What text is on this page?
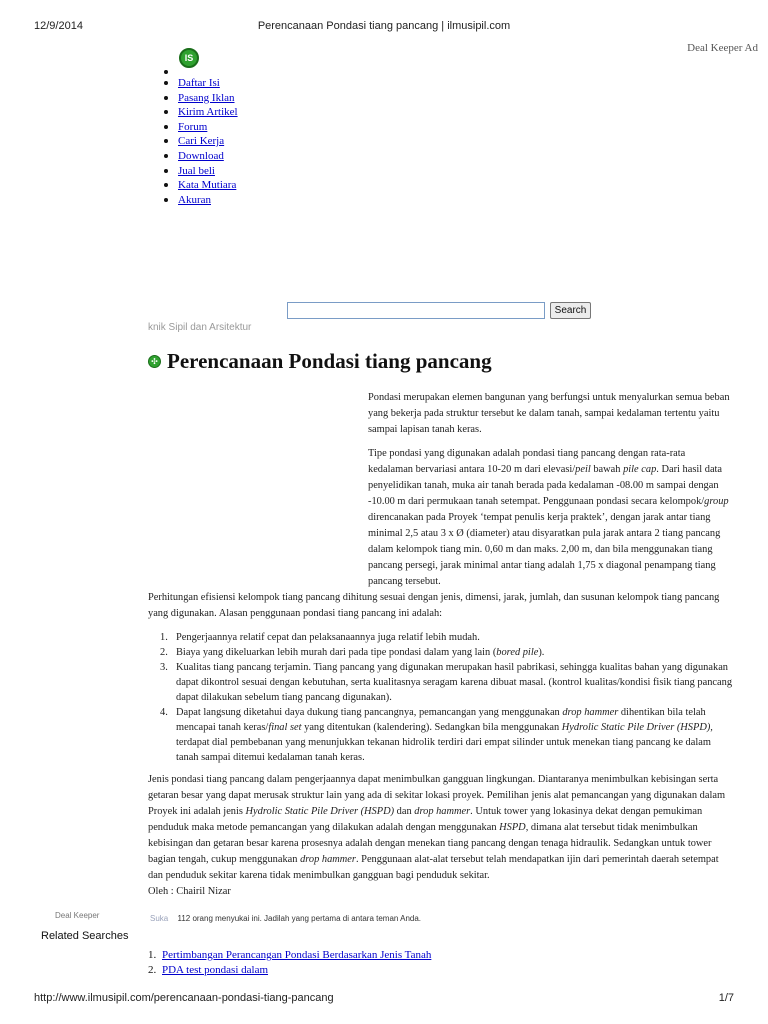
12/9/2014	Perencanaan Pondasi tiang pancang | ilmusipil.com
Deal Keeper Ad
IS
Daftar Isi
Pasang Iklan
Kirim Artikel
Forum
Cari Kerja
Download
Jual beli
Kata Mutiara
Akuran
Search
knik Sipil dan Arsitektur
✣ Perencanaan Pondasi tiang pancang

Pondasi merupakan elemen bangunan yang berfungsi untuk menyalurkan semua beban yang bekerja pada struktur tersebut ke dalam tanah, sampai kedalaman tertentu yaitu sampai lapisan tanah keras.

Tipe pondasi yang digunakan adalah pondasi tiang pancang dengan rata-rata kedalaman bervariasi antara 10-20 m dari elevasi/peil bawah pile cap. Dari hasil data penyelidikan tanah, muka air tanah berada pada kedalaman -08.00 m sampai dengan -10.00 m dari permukaan tanah setempat. Penggunaan pondasi secara kelompok/group direncanakan pada Proyek ‘tempat penulis kerja praktek’, dengan jarak antar tiang minimal 2,5 atau 3 x Ø (diameter) atau disyaratkan pula jarak antara 2 tiang pancang dalam kelompok tiang min. 0,60 m dan maks. 2,00 m, dan bila menggunakan tiang pancang persegi, jarak minimal antar tiang adalah 1,75 x diagonal penampang tiang pancang tersebut.

Perhitungan efisiensi kelompok tiang pancang dihitung sesuai dengan jenis, dimensi, jarak, jumlah, dan susunan kelompok tiang pancang yang digunakan. Alasan penggunaan pondasi tiang pancang ini adalah:

1. Pengerjaannya relatif cepat dan pelaksanaannya juga relatif lebih mudah.
2. Biaya yang dikeluarkan lebih murah dari pada tipe pondasi dalam yang lain (bored pile).
3. Kualitas tiang pancang terjamin. Tiang pancang yang digunakan merupakan hasil pabrikasi, sehingga kualitas bahan yang digunakan dapat dikontrol sesuai dengan kebutuhan, serta kualitasnya seragam karena dibuat masal. (kontrol kualitas/kondisi fisik tiang pancang dapat dilakukan sebelum tiang pancang digunakan).
4. Dapat langsung diketahui daya dukung tiang pancangnya, pemancangan yang menggunakan drop hammer dihentikan bila telah mencapai tanah keras/final set yang ditentukan (kalendering). Sedangkan bila menggunakan Hydrolic Static Pile Driver (HSPD), terdapat dial pembebanan yang menunjukkan tekanan hidrolik terdiri dari empat silinder untuk menekan tiang pancang ke dalam tanah sampai ditemui kedalaman tanah keras.

Jenis pondasi tiang pancang dalam pengerjaannya dapat menimbulkan gangguan lingkungan. Diantaranya menimbulkan kebisingan serta getaran besar yang dapat merusak struktur lain yang ada di sekitar lokasi proyek. Pemilihan jenis alat pemancangan yang digunakan dalam Proyek ini adalah jenis Hydrolic Static Pile Driver (HSPD) dan drop hammer. Untuk tower yang lokasinya dekat dengan pemukiman penduduk maka metode pemancangan yang dilakukan adalah dengan menggunakan HSPD, dimana alat tersebut tidak menimbulkan kebisingan dan getaran besar karena prosesnya adalah dengan menekan tiang pancang dengan tenaga hidraulik. Sedangkan untuk tower bagian tengah, cukup menggunakan drop hammer. Penggunaan alat-alat tersebut telah mendapatkan ijin dari pemerintah daerah setempat dan penduduk sekitar karena tidak menimbulkan gangguan bagi penduduk sekitar.

Oleh : Chairil Nizar

Deal Keeper	Suka 112 orang menyukai ini. Jadilah yang pertama di antara teman Anda.
Related Searches
1. Pertimbangan Perancangan Pondasi Berdasarkan Jenis Tanah
2. PDA test pondasi dalam
http://www.ilmusipil.com/perencanaan-pondasi-tiang-pancang	1/7
